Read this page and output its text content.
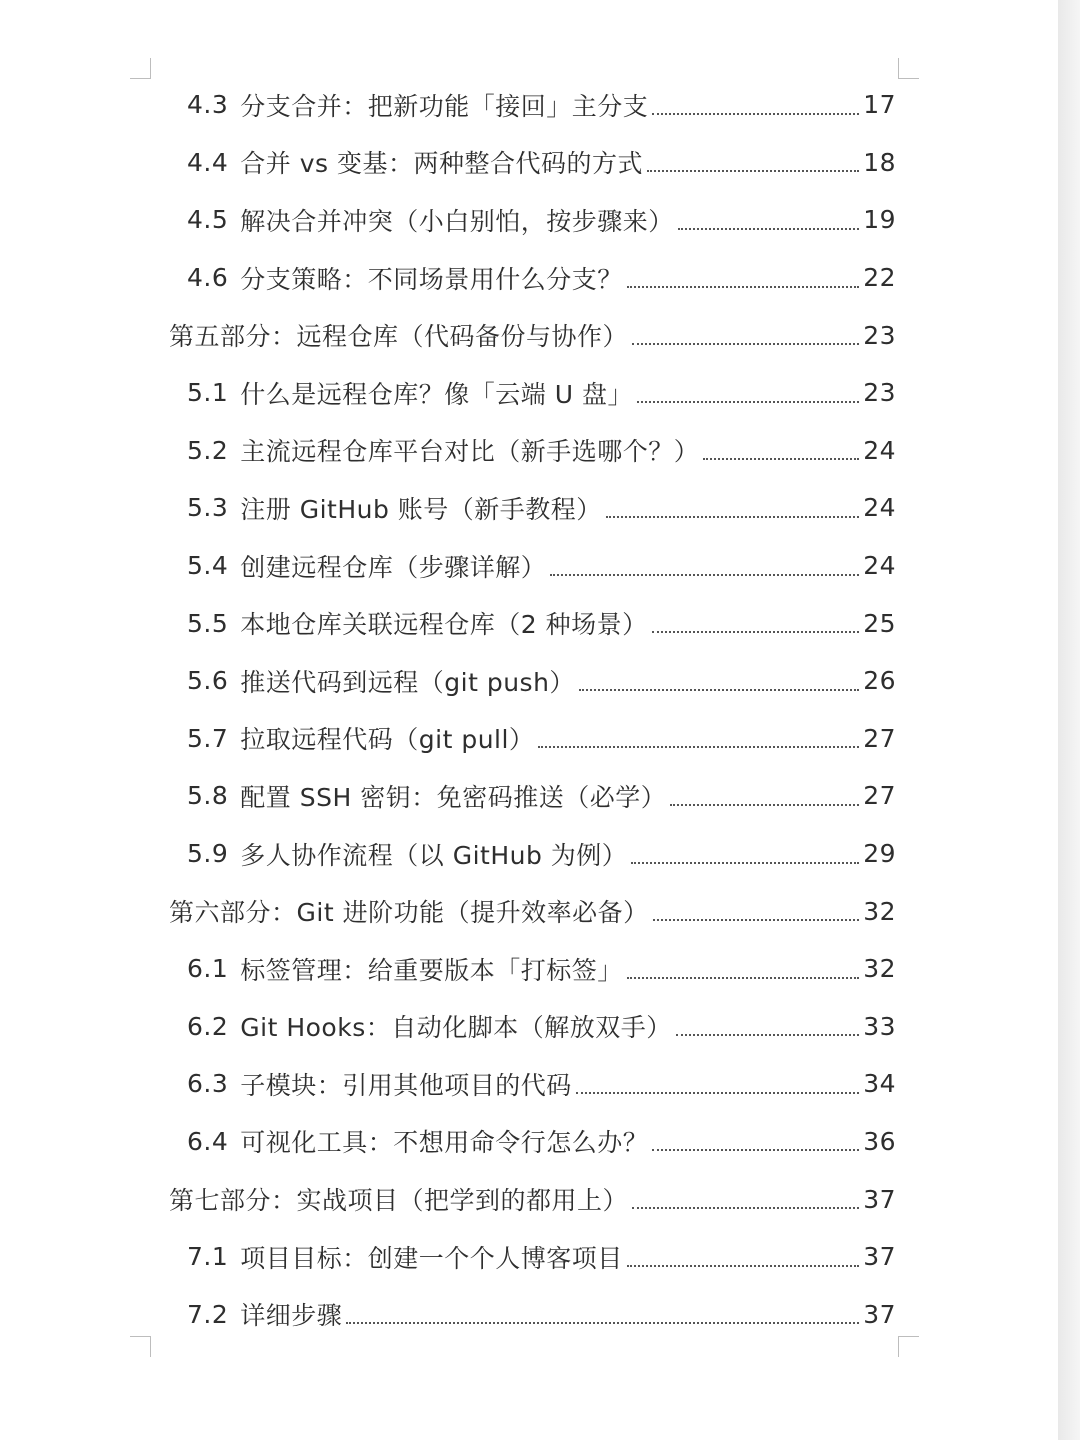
4.3 分支合并：把新功能「接回」主分支	17
4.4 合并 vs 变基：两种整合代码的方式	18
4.5 解决合并冲突（小白别怕，按步骤来）	19
4.6 分支策略：不同场景用什么分支？	22
第五部分：远程仓库（代码备份与协作）	23
5.1 什么是远程仓库？像「云端 U 盘」	23
5.2 主流远程仓库平台对比（新手选哪个？）	24
5.3 注册 GitHub 账号（新手教程）	24
5.4 创建远程仓库（步骤详解）	24
5.5 本地仓库关联远程仓库（2 种场景）	25
5.6 推送代码到远程（git push）	26
5.7 拉取远程代码（git pull）	27
5.8 配置 SSH 密钥：免密码推送（必学）	27
5.9 多人协作流程（以 GitHub 为例）	29
第六部分：Git 进阶功能（提升效率必备）	32
6.1 标签管理：给重要版本「打标签」	32
6.2 Git Hooks：自动化脚本（解放双手）	33
6.3 子模块：引用其他项目的代码	34
6.4 可视化工具：不想用命令行怎么办？	36
第七部分：实战项目（把学到的都用上）	37
7.1 项目目标：创建一个个人博客项目	37
7.2 详细步骤	37
